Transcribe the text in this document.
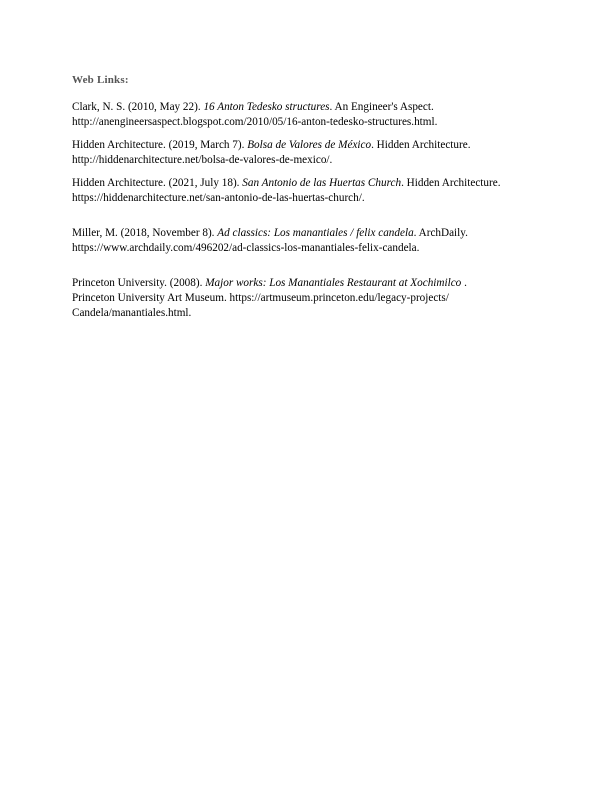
Web Links:

Clark, N. S. (2010, May 22). 16 Anton Tedesko structures. An Engineer's Aspect.
http://anengineersaspect.blogspot.com/2010/05/16-anton-tedesko-structures.html.

Hidden Architecture. (2019, March 7). Bolsa de Valores de México. Hidden Architecture.
http://hiddenarchitecture.net/bolsa-de-valores-de-mexico/.

Hidden Architecture. (2021, July 18). San Antonio de las Huertas Church. Hidden Architecture.
https://hiddenarchitecture.net/san-antonio-de-las-huertas-church/.

Miller, M. (2018, November 8). Ad classics: Los manantiales / felix candela. ArchDaily.
https://www.archdaily.com/496202/ad-classics-los-manantiales-felix-candela.

Princeton University. (2008). Major works: Los Manantiales Restaurant at Xochimilco .
Princeton University Art Museum. https://artmuseum.princeton.edu/legacy-projects/
Candela/manantiales.html.
